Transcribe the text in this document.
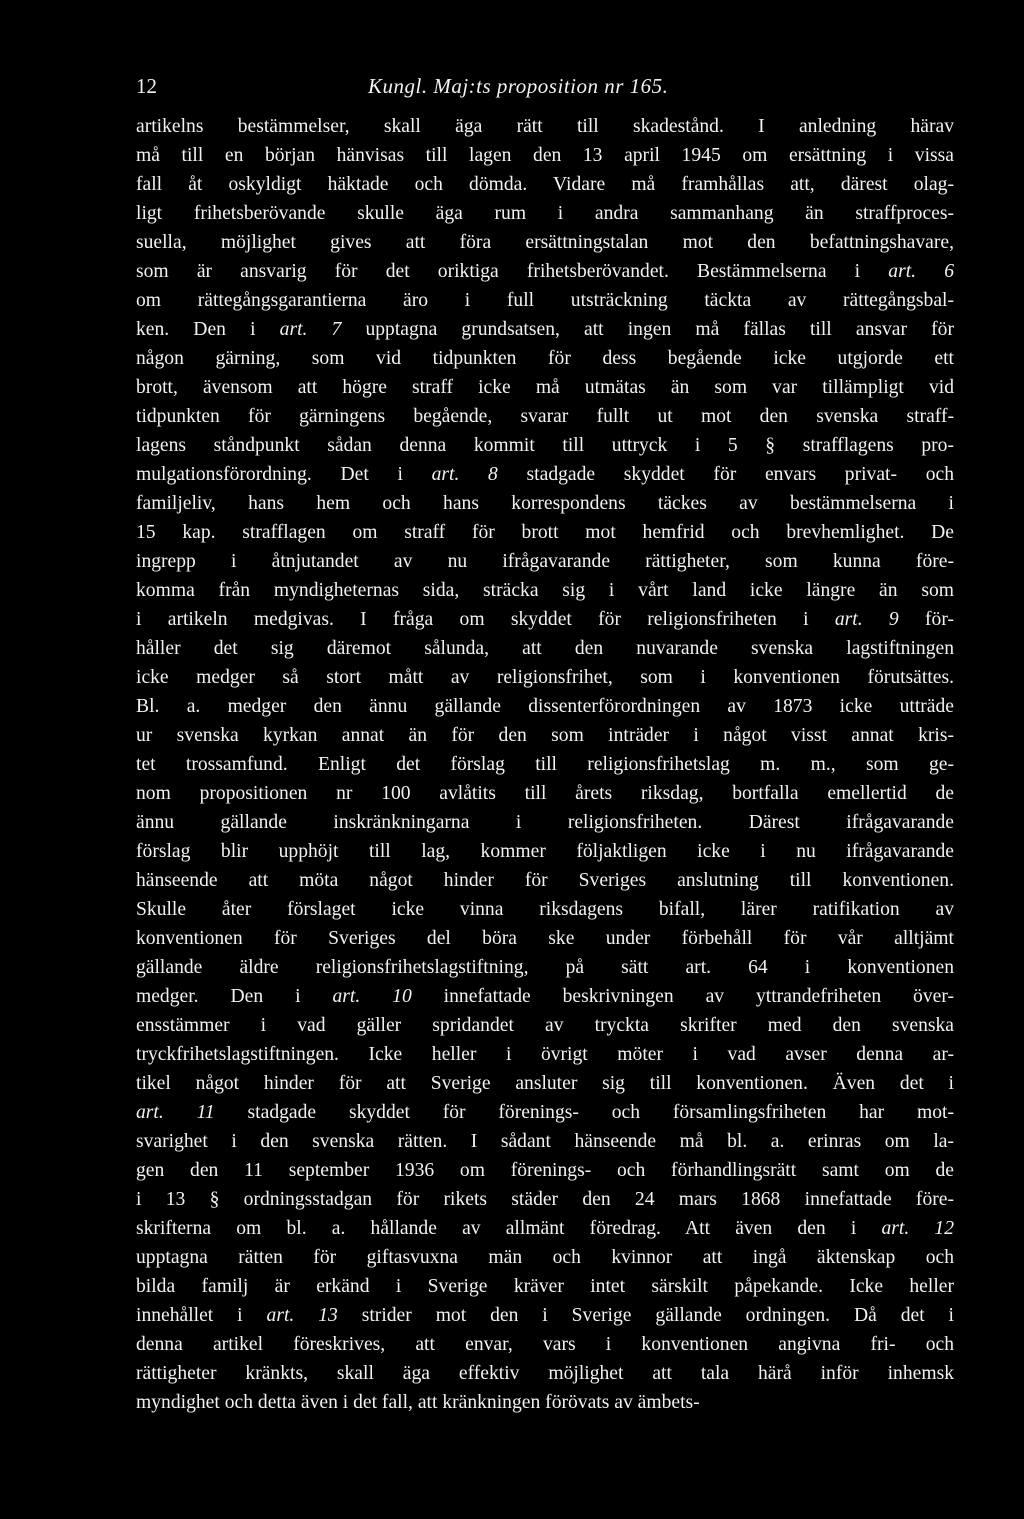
12	Kungl. Maj:ts proposition nr 165.
artikelns bestämmelser, skall äga rätt till skadestånd. I anledning härav
må till en början hänvisas till lagen den 13 april 1945 om ersättning i vissa
fall åt oskyldigt häktade och dömda. Vidare må framhållas att, därest olag-
ligt frihetsberövande skulle äga rum i andra sammanhang än straffproces-
suella, möjlighet gives att föra ersättningstalan mot den befattningshavare,
som är ansvarig för det oriktiga frihetsberövandet. Bestämmelserna i art. 6
om rättegångsgarantierna äro i full utsträckning täckta av rättegångsbal-
ken. Den i art. 7 upptagna grundsatsen, att ingen må fällas till ansvar för
någon gärning, som vid tidpunkten för dess begående icke utgjorde ett
brott, ävensom att högre straff icke må utmätas än som var tillämpligt vid
tidpunkten för gärningens begående, svarar fullt ut mot den svenska straff-
lagens ståndpunkt sådan denna kommit till uttryck i 5 § strafflagens pro-
mulgationsförordning. Det i art. 8 stadgade skyddet för envars privat- och
familjeliv, hans hem och hans korrespondens täckes av bestämmelserna i
15 kap. strafflagen om straff för brott mot hemfrid och brevhemlighet. De
ingrepp i åtnjutandet av nu ifrågavarande rättigheter, som kunna före-
komma från myndigheternas sida, sträcka sig i vårt land icke längre än som
i artikeln medgivas. I fråga om skyddet för religionsfriheten i art. 9 för-
håller det sig däremot sålunda, att den nuvarande svenska lagstiftningen
icke medger så stort mått av religionsfrihet, som i konventionen förutsättes.
Bl. a. medger den ännu gällande dissenterförordningen av 1873 icke utträde
ur svenska kyrkan annat än för den som inträder i något visst annat kris-
tet trossamfund. Enligt det förslag till religionsfrihetslag m. m., som ge-
nom propositionen nr 100 avlåtits till årets riksdag, bortfalla emellertid de
ännu gällande inskränkningarna i religionsfriheten. Därest ifrågavarande
förslag blir upphöjt till lag, kommer följaktligen icke i nu ifrågavarande
hänseende att möta något hinder för Sveriges anslutning till konventionen.
Skulle åter förslaget icke vinna riksdagens bifall, lärer ratifikation av
konventionen för Sveriges del böra ske under förbehåll för vår alltjämt
gällande äldre religionsfrihetslagstiftning, på sätt art. 64 i konventionen
medger. Den i art. 10 innefattade beskrivningen av yttrandefriheten över-
ensstämmer i vad gäller spridandet av tryckta skrifter med den svenska
tryckfrihetslagstiftningen. Icke heller i övrigt möter i vad avser denna ar-
tikel något hinder för att Sverige ansluter sig till konventionen. Även det i
art. 11 stadgade skyddet för förenings- och församlingsfriheten har mot-
svarighet i den svenska rätten. I sådant hänseende må bl. a. erinras om la-
gen den 11 september 1936 om förenings- och förhandlingsrätt samt om de
i 13 § ordningsstadgan för rikets städer den 24 mars 1868 innefattade före-
skrifterna om bl. a. hållande av allmänt föredrag. Att även den i art. 12
upptagna rätten för giftasvuxna män och kvinnor att ingå äktenskap och
bilda familj är erkänd i Sverige kräver intet särskilt påpekande. Icke heller
innehållet i art. 13 strider mot den i Sverige gällande ordningen. Då det i
denna artikel föreskrives, att envar, vars i konventionen angivna fri- och
rättigheter kränkts, skall äga effektiv möjlighet att tala härå inför inhemsk
myndighet och detta även i det fall, att kränkningen förövats av ämbets-
